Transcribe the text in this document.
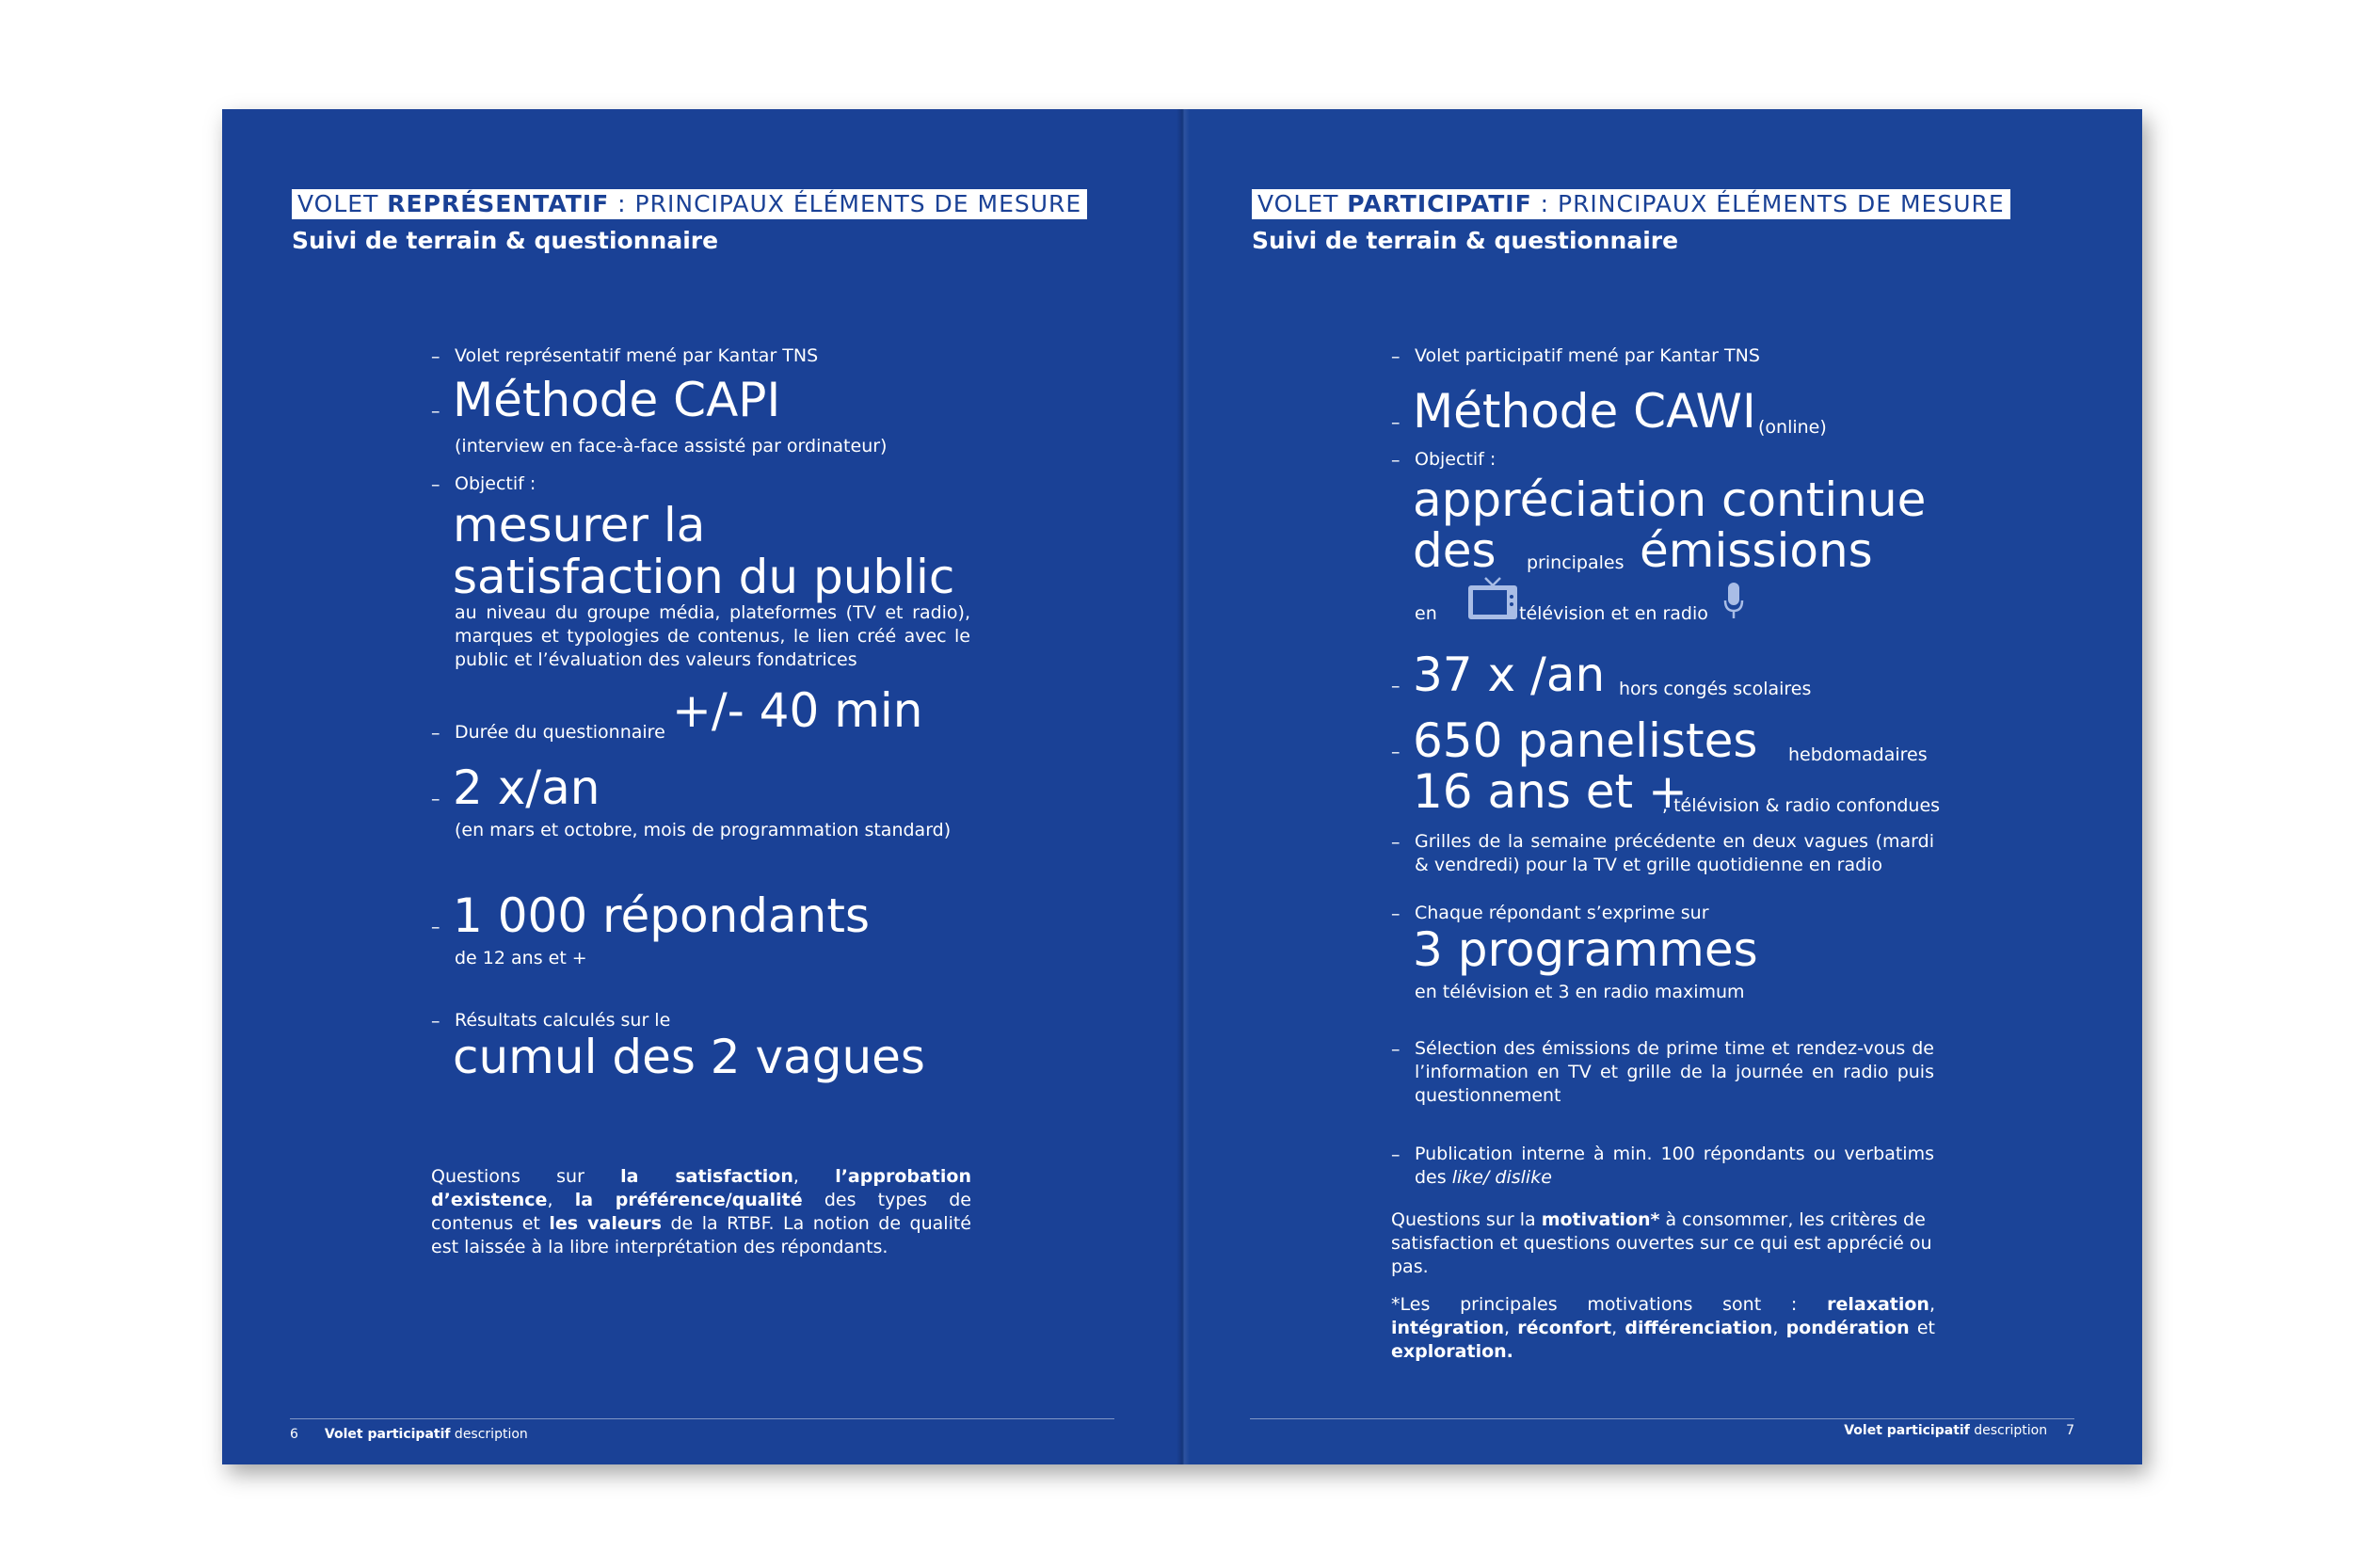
VOLET REPRÉSENTATIF : PRINCIPAUX ÉLÉMENTS DE MESURE
Suivi de terrain & questionnaire
– Volet représentatif mené par Kantar TNS
– Méthode CAPI
(interview en face-à-face assisté par ordinateur)
– Objectif :
mesurer la
satisfaction du public
au niveau du groupe média, plateformes (TV et radio), marques et typologies de contenus, le lien créé avec le public et l’évaluation des valeurs fondatrices
– Durée du questionnaire +/- 40 min
– 2 x/an
(en mars et octobre, mois de programmation standard)
– 1 000 répondants
de 12 ans et +
– Résultats calculés sur le
cumul des 2 vagues
Questions sur la satisfaction, l’approbation d’existence, la préférence/qualité des types de contenus et les valeurs de la RTBF. La notion de qualité est laissée à la libre interprétation des répondants.
6 Volet participatif description
VOLET PARTICIPATIF : PRINCIPAUX ÉLÉMENTS DE MESURE
Suivi de terrain & questionnaire
– Volet participatif mené par Kantar TNS
– Méthode CAWI (online)
– Objectif :
appréciation continue
des principales émissions
en	télévision et en radio
– 37 x /an hors congés scolaires
– 650 panelistes hebdomadaires
16 ans et +
, télévision & radio confondues
– Grilles de la semaine précédente en deux vagues (mardi & vendredi) pour la TV et grille quotidienne en radio
– Chaque répondant s’exprime sur
3 programmes
en télévision et 3 en radio maximum
– Sélection des émissions de prime time et rendez-vous de l’information en TV et grille de la journée en radio puis questionnement
– Publication interne à min. 100 répondants ou verbatims des like/ dislike
Questions sur la motivation* à consommer, les critères de satisfaction et questions ouvertes sur ce qui est apprécié ou pas.
*Les principales motivations sont : relaxation, intégration, réconfort, différenciation, pondération et exploration.
Volet participatif description 7
